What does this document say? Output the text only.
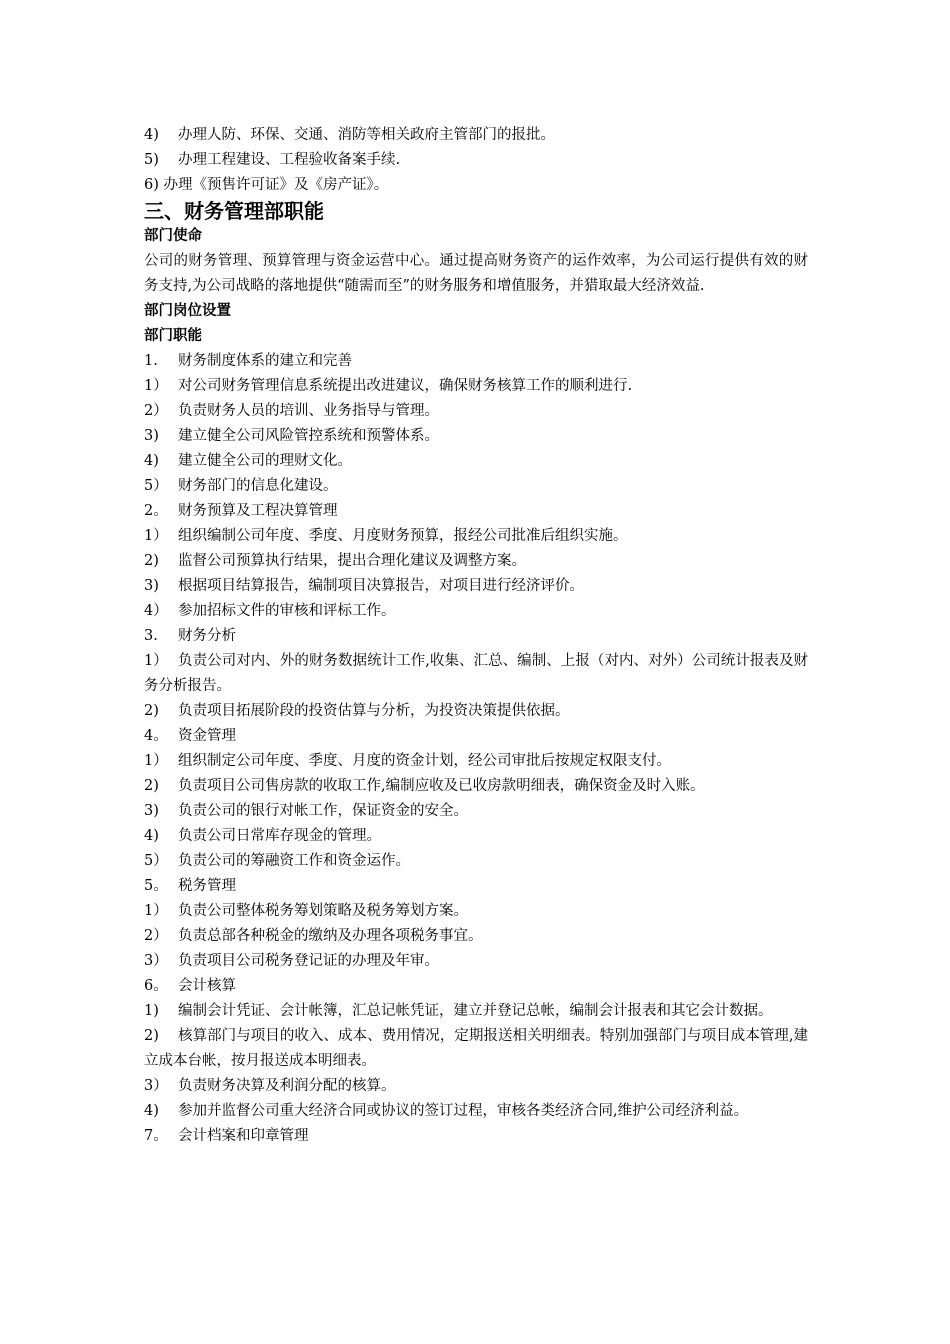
4) 办理人防、环保、交通、消防等相关政府主管部门的报批。
5) 办理工程建设、工程验收备案手续.
6) 办理《预售许可证》及《房产证》。
三、财务管理部职能
部门使命
公司的财务管理、预算管理与资金运营中心。通过提高财务资产的运作效率，为公司运行提供有效的财务支持,为公司战略的落地提供“随需而至”的财务服务和增值服务，并猎取最大经济效益.
部门岗位设置
部门职能
1. 财务制度体系的建立和完善
1） 对公司财务管理信息系统提出改进建议，确保财务核算工作的顺利进行.
2） 负责财务人员的培训、业务指导与管理。
3) 建立健全公司风险管控系统和预警体系。
4) 建立健全公司的理财文化。
5） 财务部门的信息化建设。
2。 财务预算及工程决算管理
1） 组织编制公司年度、季度、月度财务预算，报经公司批准后组织实施。
2) 监督公司预算执行结果，提出合理化建议及调整方案。
3) 根据项目结算报告，编制项目决算报告，对项目进行经济评价。
4） 参加招标文件的审核和评标工作。
3. 财务分析
1） 负责公司对内、外的财务数据统计工作,收集、汇总、编制、上报（对内、对外）公司统计报表及财务分析报告。
2) 负责项目拓展阶段的投资估算与分析，为投资决策提供依据。
4。 资金管理
1） 组织制定公司年度、季度、月度的资金计划，经公司审批后按规定权限支付。
2) 负责项目公司售房款的收取工作,编制应收及已收房款明细表，确保资金及时入账。
3) 负责公司的银行对帐工作，保证资金的安全。
4) 负责公司日常库存现金的管理。
5） 负责公司的筹融资工作和资金运作。
5。 税务管理
1） 负责公司整体税务筹划策略及税务筹划方案。
2） 负责总部各种税金的缴纳及办理各项税务事宜。
3） 负责项目公司税务登记证的办理及年审。
6。 会计核算
1) 编制会计凭证、会计帐簿，汇总记帐凭证，建立并登记总帐，编制会计报表和其它会计数据。
2) 核算部门与项目的收入、成本、费用情况，定期报送相关明细表。特别加强部门与项目成本管理,建立成本台帐，按月报送成本明细表。
3） 负责财务决算及利润分配的核算。
4) 参加并监督公司重大经济合同或协议的签订过程，审核各类经济合同,维护公司经济利益。
7。 会计档案和印章管理
